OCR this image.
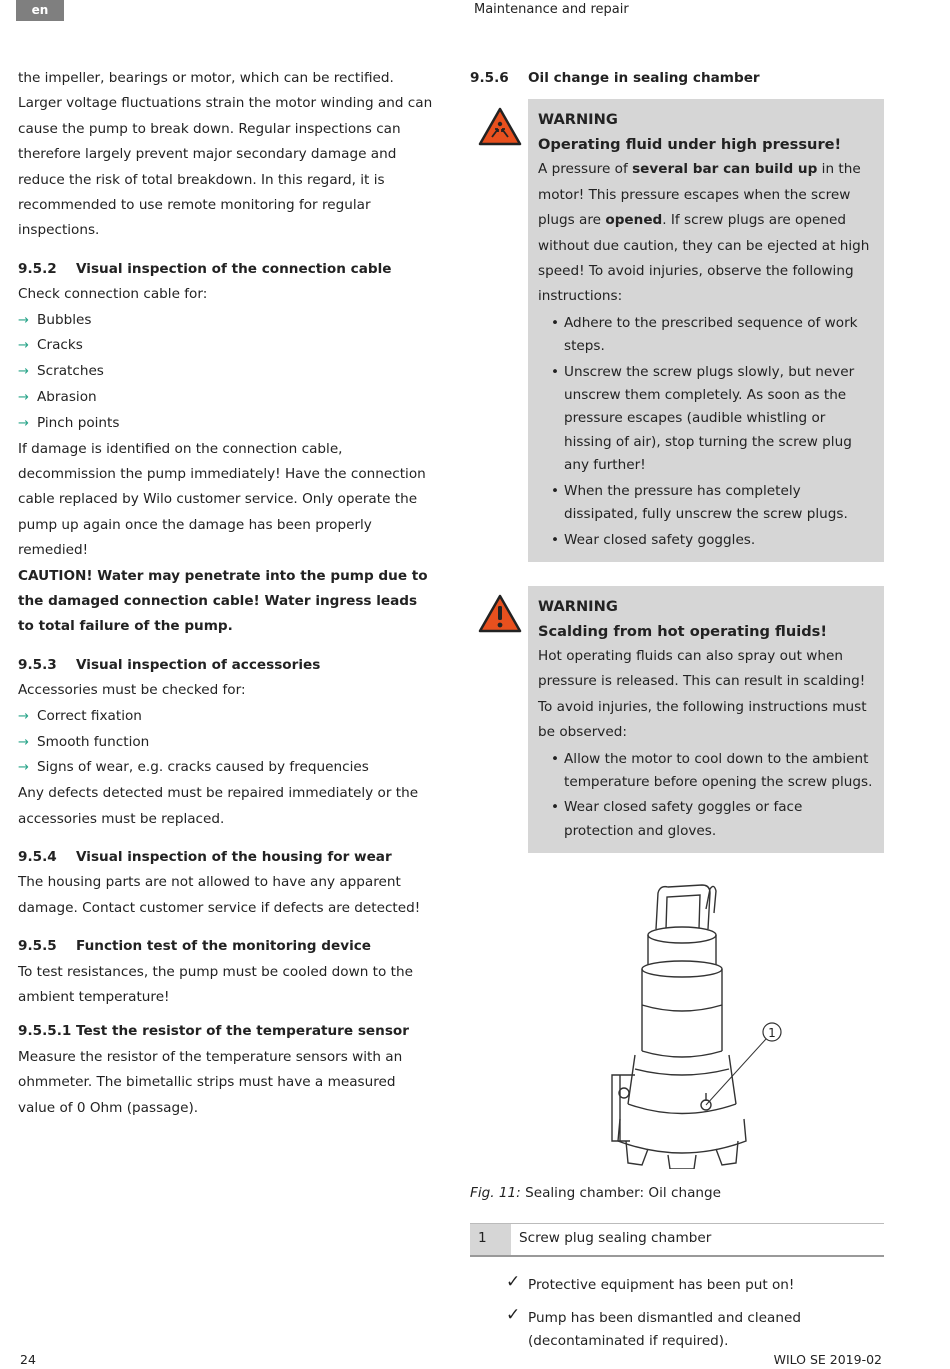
en	Maintenance and repair

the impeller, bearings or motor, which can be rectified. Larger voltage fluctuations strain the motor winding and can cause the pump to break down. Regular inspections can therefore largely prevent major secondary damage and reduce the risk of total breakdown. In this regard, it is recommended to use remote monitoring for regular inspections.

9.5.2 Visual inspection of the connection cable

Check connection cable for:

→ Bubbles
→ Cracks
→ Scratches
→ Abrasion
→ Pinch points

If damage is identified on the connection cable, decommission the pump immediately! Have the connection cable replaced by Wilo customer service. Only operate the pump up again once the damage has been properly remedied!

CAUTION! Water may penetrate into the pump due to the damaged connection cable! Water ingress leads to total failure of the pump.

9.5.3 Visual inspection of accessories

Accessories must be checked for:

→ Correct fixation
→ Smooth function
→ Signs of wear, e.g. cracks caused by frequencies

Any defects detected must be repaired immediately or the accessories must be replaced.

9.5.4 Visual inspection of the housing for wear

The housing parts are not allowed to have any apparent damage. Contact customer service if defects are detected!

9.5.5 Function test of the monitoring device

To test resistances, the pump must be cooled down to the ambient temperature!

9.5.5.1 Test the resistor of the temperature sensor

Measure the resistor of the temperature sensors with an ohmmeter. The bimetallic strips must have a measured value of 0 Ohm (passage).

9.5.6 Oil change in sealing chamber
WARNING
Operating fluid under high pressure!

A pressure of several bar can build up in the motor! This pressure escapes when the screw plugs are opened. If screw plugs are opened without due caution, they can be ejected at high speed! To avoid injuries, observe the following instructions:

• Adhere to the prescribed sequence of work steps.
• Unscrew the screw plugs slowly, but never unscrew them completely. As soon as the pressure escapes (audible whistling or hissing of air), stop turning the screw plug any further!
• When the pressure has completely dissipated, fully unscrew the screw plugs.
• Wear closed safety goggles.
WARNING
Scalding from hot operating fluids!

Hot operating fluids can also spray out when pressure is released. This can result in scalding! To avoid injuries, the following instructions must be observed:

• Allow the motor to cool down to the ambient temperature before opening the screw plugs.
• Wear closed safety goggles or face protection and gloves.
1

Fig. 11: Sealing chamber: Oil change

1	Screw plug sealing chamber
✓ Protective equipment has been put on!
✓ Pump has been dismantled and cleaned (decontaminated if required).
24	WILO SE 2019-02
